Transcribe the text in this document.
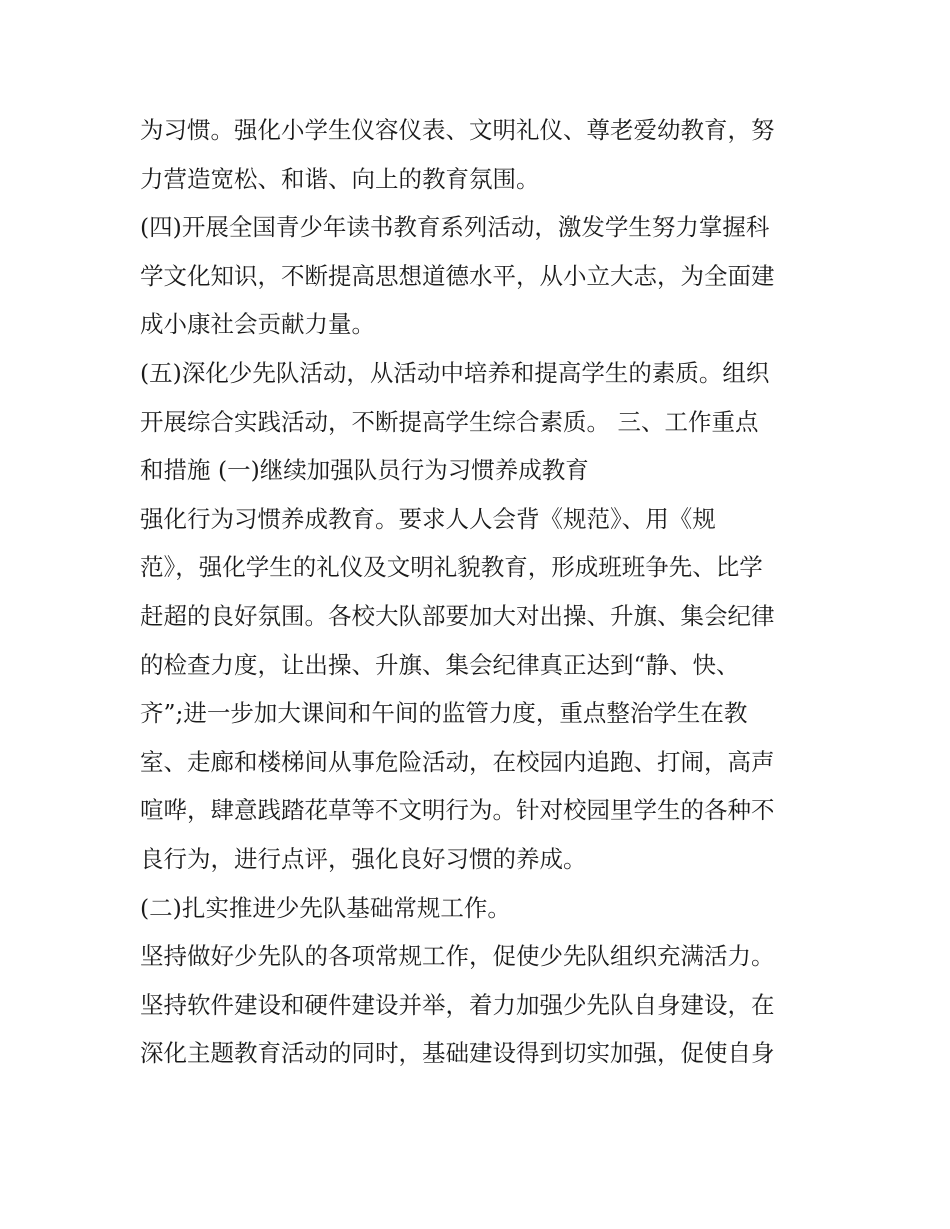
为习惯。强化小学生仪容仪表、文明礼仪、尊老爱幼教育，努
力营造宽松、和谐、向上的教育氛围。
(四)开展全国青少年读书教育系列活动，激发学生努力掌握科
学文化知识，不断提高思想道德水平，从小立大志，为全面建
成小康社会贡献力量。
(五)深化少先队活动，从活动中培养和提高学生的素质。组织
开展综合实践活动，不断提高学生综合素质。 三、工作重点
和措施 (一)继续加强队员行为习惯养成教育
强化行为习惯养成教育。要求人人会背《规范》、用《规
范》，强化学生的礼仪及文明礼貌教育，形成班班争先、比学
赶超的良好氛围。各校大队部要加大对出操、升旗、集会纪律
的检查力度，让出操、升旗、集会纪律真正达到“静、快、
齐”;进一步加大课间和午间的监管力度，重点整治学生在教
室、走廊和楼梯间从事危险活动，在校园内追跑、打闹，高声
喧哗，肆意践踏花草等不文明行为。针对校园里学生的各种不
良行为，进行点评，强化良好习惯的养成。
(二)扎实推进少先队基础常规工作。
坚持做好少先队的各项常规工作，促使少先队组织充满活力。
坚持软件建设和硬件建设并举，着力加强少先队自身建设，在
深化主题教育活动的同时，基础建设得到切实加强，促使自身
